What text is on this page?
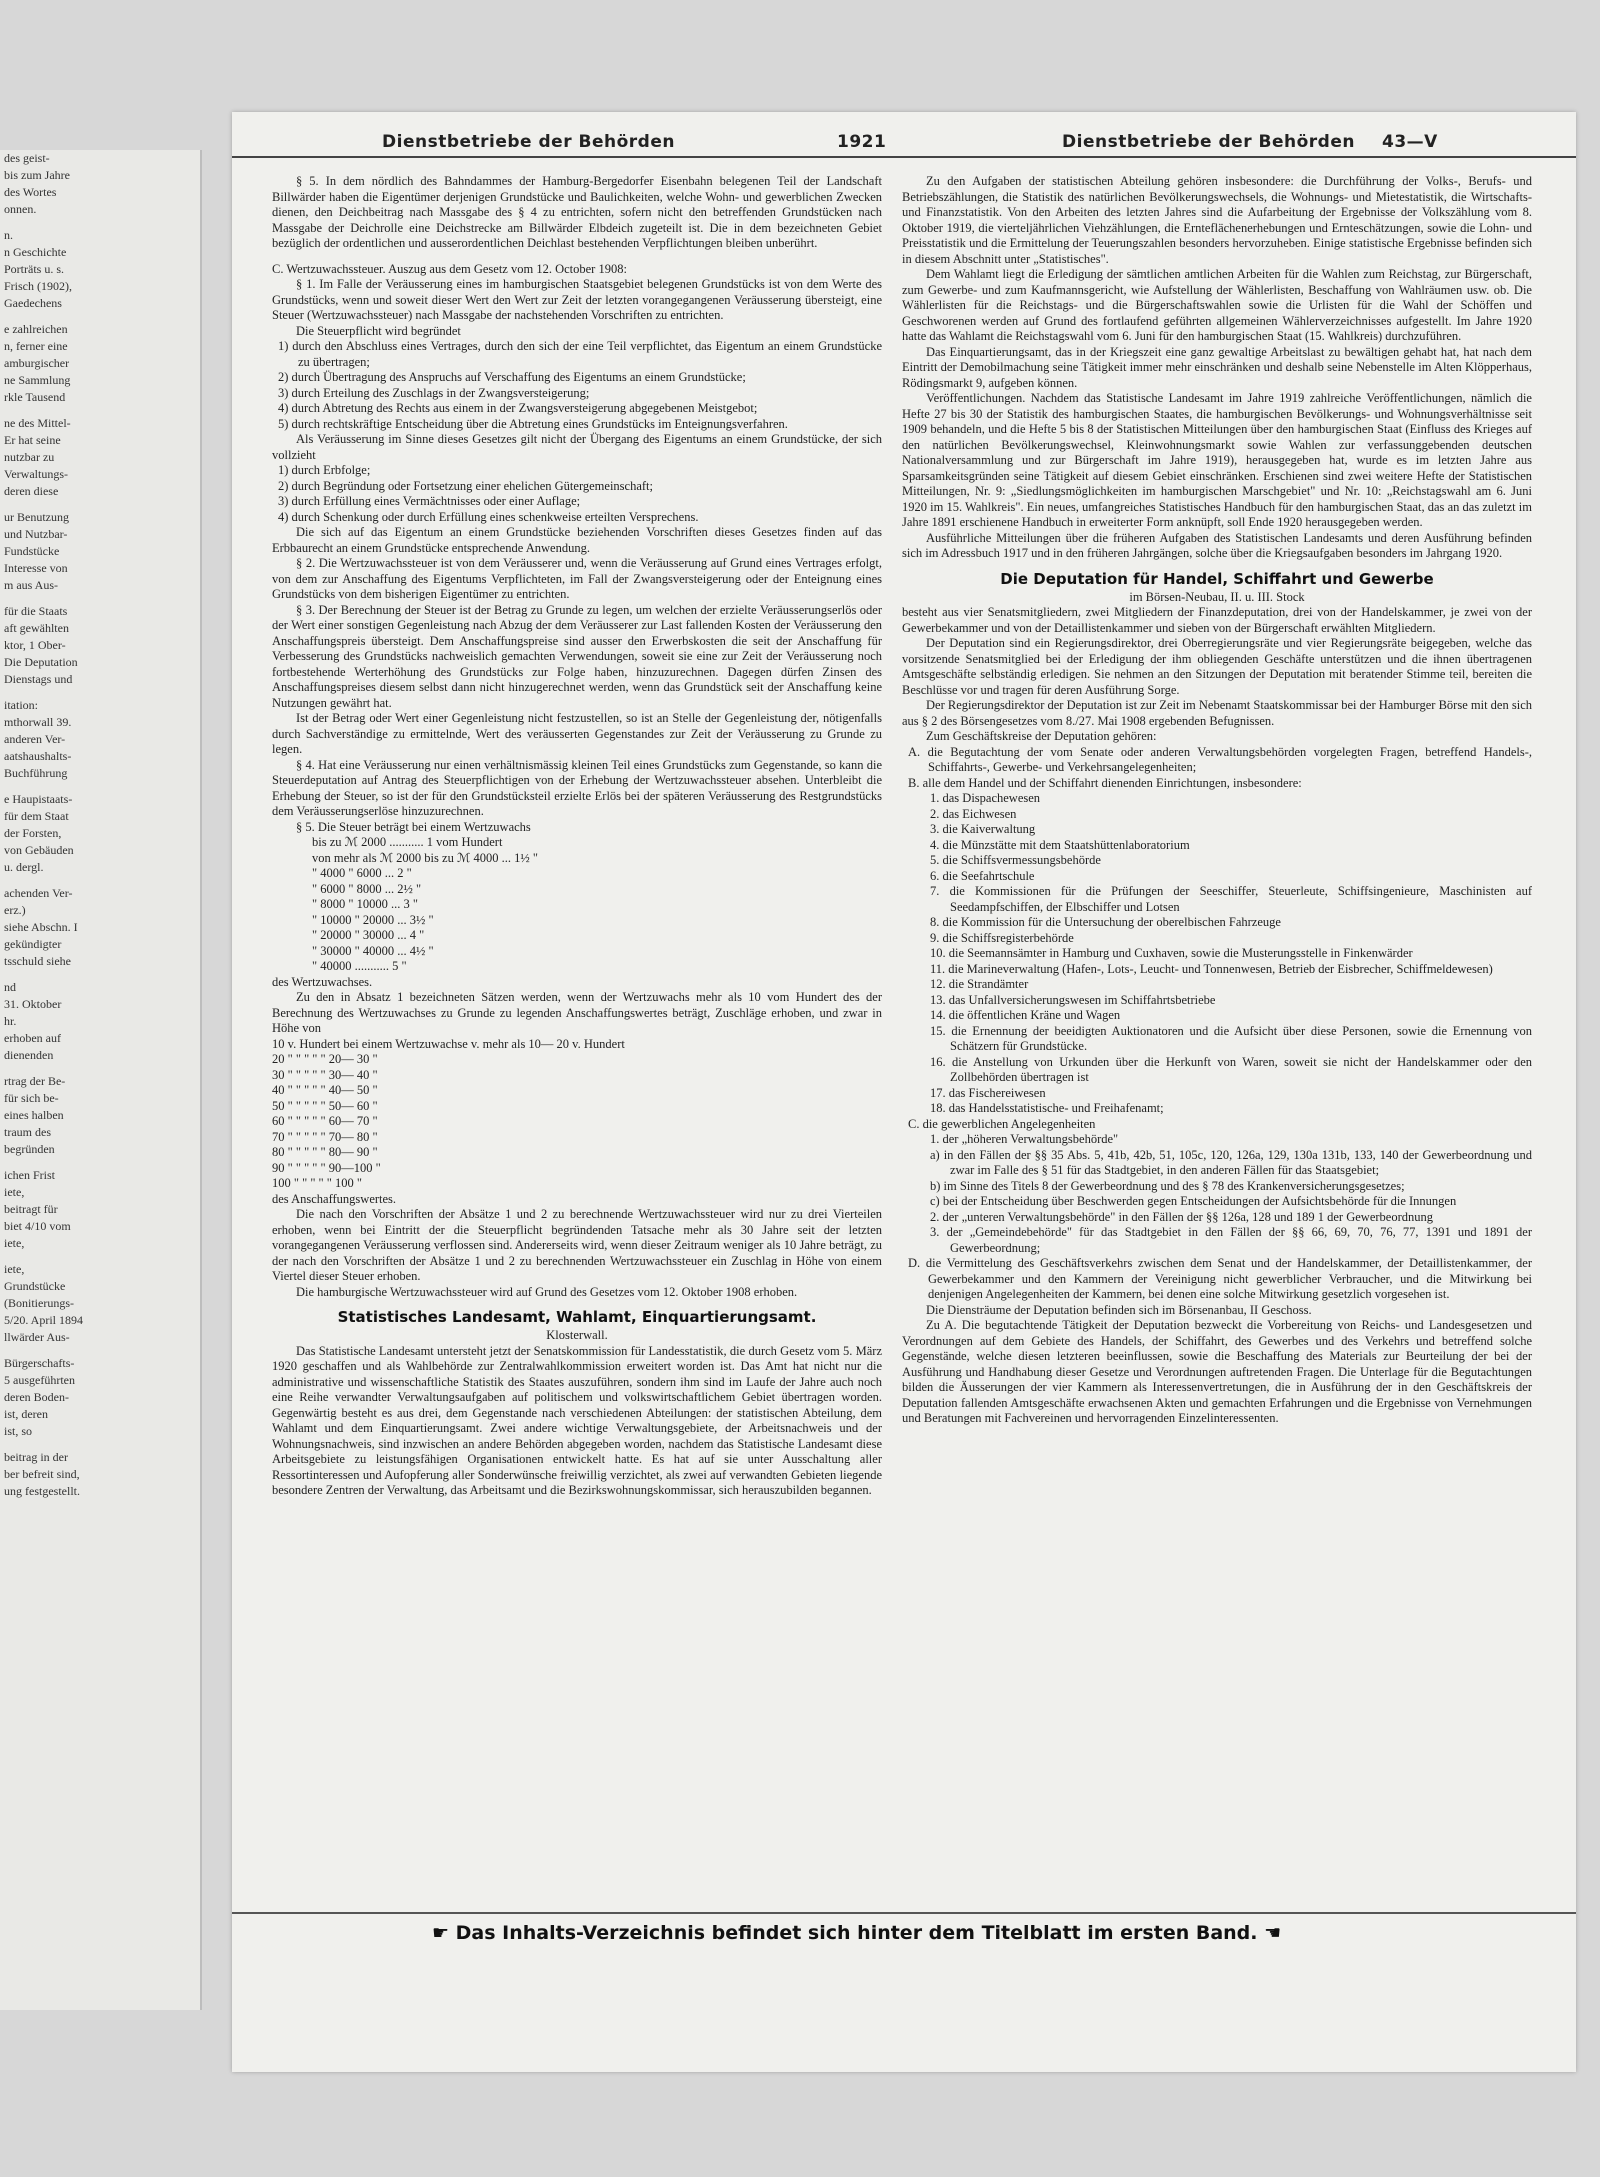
des geist-
bis zum Jahre
des Wortes
onnen.
n.
n Geschichte
Porträts u. s.
Frisch (1902),
Gaedechens
e zahlreichen
n, ferner eine
amburgischer
ne Sammlung
rkle Tausend
ne des Mittel-
Er hat seine
nutzbar zu
Verwaltungs-
deren diese
ur Benutzung
und Nutzbar-
Fundstücke
Interesse von
m aus Aus-
für die Staats
aft gewählten
ktor, 1 Ober-
Die Deputation
Dienstags und
itation:
mthorwall 39.
anderen Ver-
aatshaushalts-
Buchführung
e Haupistaats-
für dem Staat
der Forsten,
von Gebäuden
u. dergl.
achenden Ver-
erz.)
siehe Abschn. I
gekündigter
tsschuld siehe
nd
31. Oktober
hr.
erhoben auf
dienenden
rtrag der Be-
für sich be-
eines halben
traum des
begründen
ichen Frist
iete,
beitragt für
biet 4/10 vom
iete,
iete,
Grundstücke
(Bonitierungs-
5/20. April 1894
llwärder Aus-
Bürgerschafts-
5 ausgeführten
deren Boden-
ist, deren
ist, so
beitrag in der
ber befreit sind,
ung festgestellt.
Dienstbetriebe der Behörden	1921	Dienstbetriebe der Behörden 43—V

§ 5. In dem nördlich des Bahndammes der Hamburg-Bergedorfer Eisenbahn belegenen Teil der Landschaft Billwärder haben die Eigentümer derjenigen Grundstücke und Baulichkeiten, welche Wohn- und gewerblichen Zwecken dienen, den Deichbeitrag nach Massgabe des § 4 zu entrichten, sofern nicht den betreffenden Grundstücken nach Massgabe der Deichrolle eine Deichstrecke am Billwärder Elbdeich zugeteilt ist. Die in dem bezeichneten Gebiet bezüglich der ordentlichen und ausserordentlichen Deichlast bestehenden Verpflichtungen bleiben unberührt.

C. Wertzuwachssteuer. Auszug aus dem Gesetz vom 12. October 1908:

§ 1. Im Falle der Veräusserung eines im hamburgischen Staatsgebiet belegenen Grundstücks ist von dem Werte des Grundstücks, wenn und soweit dieser Wert den Wert zur Zeit der letzten vorangegangenen Veräusserung übersteigt, eine Steuer (Wertzuwachssteuer) nach Massgabe der nachstehenden Vorschriften zu entrichten.

Die Steuerpflicht wird begründet

1) durch den Abschluss eines Vertrages, durch den sich der eine Teil verpflichtet, das Eigentum an einem Grundstücke zu übertragen;

2) durch Übertragung des Anspruchs auf Verschaffung des Eigentums an einem Grundstücke;

3) durch Erteilung des Zuschlags in der Zwangsversteigerung;

4) durch Abtretung des Rechts aus einem in der Zwangsversteigerung abgegebenen Meistgebot;

5) durch rechtskräftige Entscheidung über die Abtretung eines Grundstücks im Enteignungsverfahren.

Als Veräusserung im Sinne dieses Gesetzes gilt nicht der Übergang des Eigentums an einem Grundstücke, der sich vollzieht

1) durch Erbfolge;

2) durch Begründung oder Fortsetzung einer ehelichen Gütergemeinschaft;

3) durch Erfüllung eines Vermächtnisses oder einer Auflage;

4) durch Schenkung oder durch Erfüllung eines schenkweise erteilten Versprechens.

Die sich auf das Eigentum an einem Grundstücke beziehenden Vorschriften dieses Gesetzes finden auf das Erbbaurecht an einem Grundstücke entsprechende Anwendung.

§ 2. Die Wertzuwachssteuer ist von dem Veräusserer und, wenn die Veräusserung auf Grund eines Vertrages erfolgt, von dem zur Anschaffung des Eigentums Verpflichteten, im Fall der Zwangsversteigerung oder der Enteignung eines Grundstücks von dem bisherigen Eigentümer zu entrichten.

§ 3. Der Berechnung der Steuer ist der Betrag zu Grunde zu legen, um welchen der erzielte Veräusserungserlös oder der Wert einer sonstigen Gegenleistung nach Abzug der dem Veräusserer zur Last fallenden Kosten der Veräusserung den Anschaffungspreis übersteigt. Dem Anschaffungspreise sind ausser den Erwerbskosten die seit der Anschaffung für Verbesserung des Grundstücks nachweislich gemachten Verwendungen, soweit sie eine zur Zeit der Veräusserung noch fortbestehende Werterhöhung des Grundstücks zur Folge haben, hinzuzurechnen. Dagegen dürfen Zinsen des Anschaffungspreises diesem selbst dann nicht hinzugerechnet werden, wenn das Grundstück seit der Anschaffung keine Nutzungen gewährt hat.

Ist der Betrag oder Wert einer Gegenleistung nicht festzustellen, so ist an Stelle der Gegenleistung der, nötigenfalls durch Sachverständige zu ermittelnde, Wert des veräusserten Gegenstandes zur Zeit der Veräusserung zu Grunde zu legen.

§ 4. Hat eine Veräusserung nur einen verhältnismässig kleinen Teil eines Grundstücks zum Gegenstande, so kann die Steuerdeputation auf Antrag des Steuerpflichtigen von der Erhebung der Wertzuwachssteuer absehen. Unterbleibt die Erhebung der Steuer, so ist der für den Grundstücksteil erzielte Erlös bei der späteren Veräusserung des Restgrundstücks dem Veräusserungserlöse hinzuzurechnen.

§ 5. Die Steuer beträgt bei einem Wertzuwachs

bis zu ℳ 2000 ........... 1 vom Hundert

von mehr als ℳ 2000 bis zu ℳ 4000 ... 1½ "

" 4000 " 6000 ... 2 "

" 6000 " 8000 ... 2½ "

" 8000 " 10000 ... 3 "

" 10000 " 20000 ... 3½ "

" 20000 " 30000 ... 4 "

" 30000 " 40000 ... 4½ "

" 40000 ........... 5 "

des Wertzuwachses.

Zu den in Absatz 1 bezeichneten Sätzen werden, wenn der Wertzuwachs mehr als 10 vom Hundert des der Berechnung des Wertzuwachses zu Grunde zu legenden Anschaffungswertes beträgt, Zuschläge erhoben, und zwar in Höhe von

10 v. Hundert bei einem Wertzuwachse v. mehr als 10— 20 v. Hundert

20 " " " " " 20— 30 "

30 " " " " " 30— 40 "

40 " " " " " 40— 50 "

50 " " " " " 50— 60 "

60 " " " " " 60— 70 "

70 " " " " " 70— 80 "

80 " " " " " 80— 90 "

90 " " " " " 90—100 "

100 " " " " " 100 "

des Anschaffungswertes.

Die nach den Vorschriften der Absätze 1 und 2 zu berechnende Wertzuwachssteuer wird nur zu drei Vierteilen erhoben, wenn bei Eintritt der die Steuerpflicht begründenden Tatsache mehr als 30 Jahre seit der letzten vorangegangenen Veräusserung verflossen sind. Andererseits wird, wenn dieser Zeitraum weniger als 10 Jahre beträgt, zu der nach den Vorschriften der Absätze 1 und 2 zu berechnenden Wertzuwachssteuer ein Zuschlag in Höhe von einem Viertel dieser Steuer erhoben.

Die hamburgische Wertzuwachssteuer wird auf Grund des Gesetzes vom 12. Oktober 1908 erhoben.

Statistisches Landesamt, Wahlamt, Einquartierungsamt.

Klosterwall.

Das Statistische Landesamt untersteht jetzt der Senatskommission für Landesstatistik, die durch Gesetz vom 5. März 1920 geschaffen und als Wahlbehörde zur Zentralwahlkommission erweitert worden ist. Das Amt hat nicht nur die administrative und wissenschaftliche Statistik des Staates auszuführen, sondern ihm sind im Laufe der Jahre auch noch eine Reihe verwandter Verwaltungsaufgaben auf politischem und volkswirtschaftlichem Gebiet übertragen worden. Gegenwärtig besteht es aus drei, dem Gegenstande nach verschiedenen Abteilungen: der statistischen Abteilung, dem Wahlamt und dem Einquartierungsamt. Zwei andere wichtige Verwaltungsgebiete, der Arbeitsnachweis und der Wohnungsnachweis, sind inzwischen an andere Behörden abgegeben worden, nachdem das Statistische Landesamt diese Arbeitsgebiete zu leistungsfähigen Organisationen entwickelt hatte. Es hat auf sie unter Ausschaltung aller Ressortinteressen und Aufopferung aller Sonderwünsche freiwillig verzichtet, als zwei auf verwandten Gebieten liegende besondere Zentren der Verwaltung, das Arbeitsamt und die Bezirkswohnungskommissar, sich herauszubilden begannen.

Zu den Aufgaben der statistischen Abteilung gehören insbesondere: die Durchführung der Volks-, Berufs- und Betriebszählungen, die Statistik des natürlichen Bevölkerungswechsels, die Wohnungs- und Mietestatistik, die Wirtschafts- und Finanzstatistik. Von den Arbeiten des letzten Jahres sind die Aufarbeitung der Ergebnisse der Volkszählung vom 8. Oktober 1919, die vierteljährlichen Viehzählungen, die Ernteflächenerhebungen und Ernteschätzungen, sowie die Lohn- und Preisstatistik und die Ermittelung der Teuerungszahlen besonders hervorzuheben. Einige statistische Ergebnisse befinden sich in diesem Abschnitt unter „Statistisches".

Dem Wahlamt liegt die Erledigung der sämtlichen amtlichen Arbeiten für die Wahlen zum Reichstag, zur Bürgerschaft, zum Gewerbe- und zum Kaufmannsgericht, wie Aufstellung der Wählerlisten, Beschaffung von Wahlräumen usw. ob. Die Wählerlisten für die Reichstags- und die Bürgerschaftswahlen sowie die Urlisten für die Wahl der Schöffen und Geschworenen werden auf Grund des fortlaufend geführten allgemeinen Wählerverzeichnisses aufgestellt. Im Jahre 1920 hatte das Wahlamt die Reichstagswahl vom 6. Juni für den hamburgischen Staat (15. Wahlkreis) durchzuführen.

Das Einquartierungsamt, das in der Kriegszeit eine ganz gewaltige Arbeitslast zu bewältigen gehabt hat, hat nach dem Eintritt der Demobilmachung seine Tätigkeit immer mehr einschränken und deshalb seine Nebenstelle im Alten Klöpperhaus, Rödingsmarkt 9, aufgeben können.

Veröffentlichungen. Nachdem das Statistische Landesamt im Jahre 1919 zahlreiche Veröffentlichungen, nämlich die Hefte 27 bis 30 der Statistik des hamburgischen Staates, die hamburgischen Bevölkerungs- und Wohnungsverhältnisse seit 1909 behandeln, und die Hefte 5 bis 8 der Statistischen Mitteilungen über den hamburgischen Staat (Einfluss des Krieges auf den natürlichen Bevölkerungswechsel, Kleinwohnungsmarkt sowie Wahlen zur verfassunggebenden deutschen Nationalversammlung und zur Bürgerschaft im Jahre 1919), herausgegeben hat, wurde es im letzten Jahre aus Sparsamkeitsgründen seine Tätigkeit auf diesem Gebiet einschränken. Erschienen sind zwei weitere Hefte der Statistischen Mitteilungen, Nr. 9: „Siedlungsmöglichkeiten im hamburgischen Marschgebiet" und Nr. 10: „Reichstagswahl am 6. Juni 1920 im 15. Wahlkreis". Ein neues, umfangreiches Statistisches Handbuch für den hamburgischen Staat, das an das zuletzt im Jahre 1891 erschienene Handbuch in erweiterter Form anknüpft, soll Ende 1920 herausgegeben werden.

Ausführliche Mitteilungen über die früheren Aufgaben des Statistischen Landesamts und deren Ausführung befinden sich im Adressbuch 1917 und in den früheren Jahrgängen, solche über die Kriegsaufgaben besonders im Jahrgang 1920.

Die Deputation für Handel, Schiffahrt und Gewerbe

im Börsen-Neubau, II. u. III. Stock

besteht aus vier Senatsmitgliedern, zwei Mitgliedern der Finanzdeputation, drei von der Handelskammer, je zwei von der Gewerbekammer und von der Detaillistenkammer und sieben von der Bürgerschaft erwählten Mitgliedern.

Der Deputation sind ein Regierungsdirektor, drei Oberregierungsräte und vier Regierungsräte beigegeben, welche das vorsitzende Senatsmitglied bei der Erledigung der ihm obliegenden Geschäfte unterstützen und die ihnen übertragenen Amtsgeschäfte selbständig erledigen. Sie nehmen an den Sitzungen der Deputation mit beratender Stimme teil, bereiten die Beschlüsse vor und tragen für deren Ausführung Sorge.

Der Regierungsdirektor der Deputation ist zur Zeit im Nebenamt Staatskommissar bei der Hamburger Börse mit den sich aus § 2 des Börsengesetzes vom 8./27. Mai 1908 ergebenden Befugnissen.

Zum Geschäftskreise der Deputation gehören:

A. die Begutachtung der vom Senate oder anderen Verwaltungsbehörden vorgelegten Fragen, betreffend Handels-, Schiffahrts-, Gewerbe- und Verkehrsangelegenheiten;

B. alle dem Handel und der Schiffahrt dienenden Einrichtungen, insbesondere:

1. das Dispachewesen

2. das Eichwesen

3. die Kaiverwaltung

4. die Münzstätte mit dem Staatshüttenlaboratorium

5. die Schiffsvermessungsbehörde

6. die Seefahrtschule

7. die Kommissionen für die Prüfungen der Seeschiffer, Steuerleute, Schiffsingenieure, Maschinisten auf Seedampfschiffen, der Elbschiffer und Lotsen

8. die Kommission für die Untersuchung der oberelbischen Fahrzeuge

9. die Schiffsregisterbehörde

10. die Seemannsämter in Hamburg und Cuxhaven, sowie die Musterungsstelle in Finkenwärder

11. die Marineverwaltung (Hafen-, Lots-, Leucht- und Tonnenwesen, Betrieb der Eisbrecher, Schiffmeldewesen)

12. die Strandämter

13. das Unfallversicherungswesen im Schiffahrtsbetriebe

14. die öffentlichen Kräne und Wagen

15. die Ernennung der beeidigten Auktionatoren und die Aufsicht über diese Personen, sowie die Ernennung von Schätzern für Grundstücke.

16. die Anstellung von Urkunden über die Herkunft von Waren, soweit sie nicht der Handelskammer oder den Zollbehörden übertragen ist

17. das Fischereiwesen

18. das Handelsstatistische- und Freihafenamt;

C. die gewerblichen Angelegenheiten

1. der „höheren Verwaltungsbehörde"

a) in den Fällen der §§ 35 Abs. 5, 41b, 42b, 51, 105c, 120, 126a, 129, 130a 131b, 133, 140 der Gewerbeordnung und zwar im Falle des § 51 für das Stadtgebiet, in den anderen Fällen für das Staatsgebiet;

b) im Sinne des Titels 8 der Gewerbeordnung und des § 78 des Krankenversicherungsgesetzes;

c) bei der Entscheidung über Beschwerden gegen Entscheidungen der Aufsichtsbehörde für die Innungen

2. der „unteren Verwaltungsbehörde" in den Fällen der §§ 126a, 128 und 189 1 der Gewerbeordnung

3. der „Gemeindebehörde" für das Stadtgebiet in den Fällen der §§ 66, 69, 70, 76, 77, 1391 und 1891 der Gewerbeordnung;

D. die Vermittelung des Geschäftsverkehrs zwischen dem Senat und der Handelskammer, der Detaillistenkammer, der Gewerbekammer und den Kammern der Vereinigung nicht gewerblicher Verbraucher, und die Mitwirkung bei denjenigen Angelegenheiten der Kammern, bei denen eine solche Mitwirkung gesetzlich vorgesehen ist.

Die Diensträume der Deputation befinden sich im Börsenanbau, II Geschoss.

Zu A. Die begutachtende Tätigkeit der Deputation bezweckt die Vorbereitung von Reichs- und Landesgesetzen und Verordnungen auf dem Gebiete des Handels, der Schiffahrt, des Gewerbes und des Verkehrs und betreffend solche Gegenstände, welche diesen letzteren beeinflussen, sowie die Beschaffung des Materials zur Beurteilung der bei der Ausführung und Handhabung dieser Gesetze und Verordnungen auftretenden Fragen. Die Unterlage für die Begutachtungen bilden die Äusserungen der vier Kammern als Interessenvertretungen, die in Ausführung der in den Geschäftskreis der Deputation fallenden Amtsgeschäfte erwachsenen Akten und gemachten Erfahrungen und die Ergebnisse von Vernehmungen und Beratungen mit Fachvereinen und hervorragenden Einzelinteressenten.

☛ Das Inhalts-Verzeichnis befindet sich hinter dem Titelblatt im ersten Band. ☚
